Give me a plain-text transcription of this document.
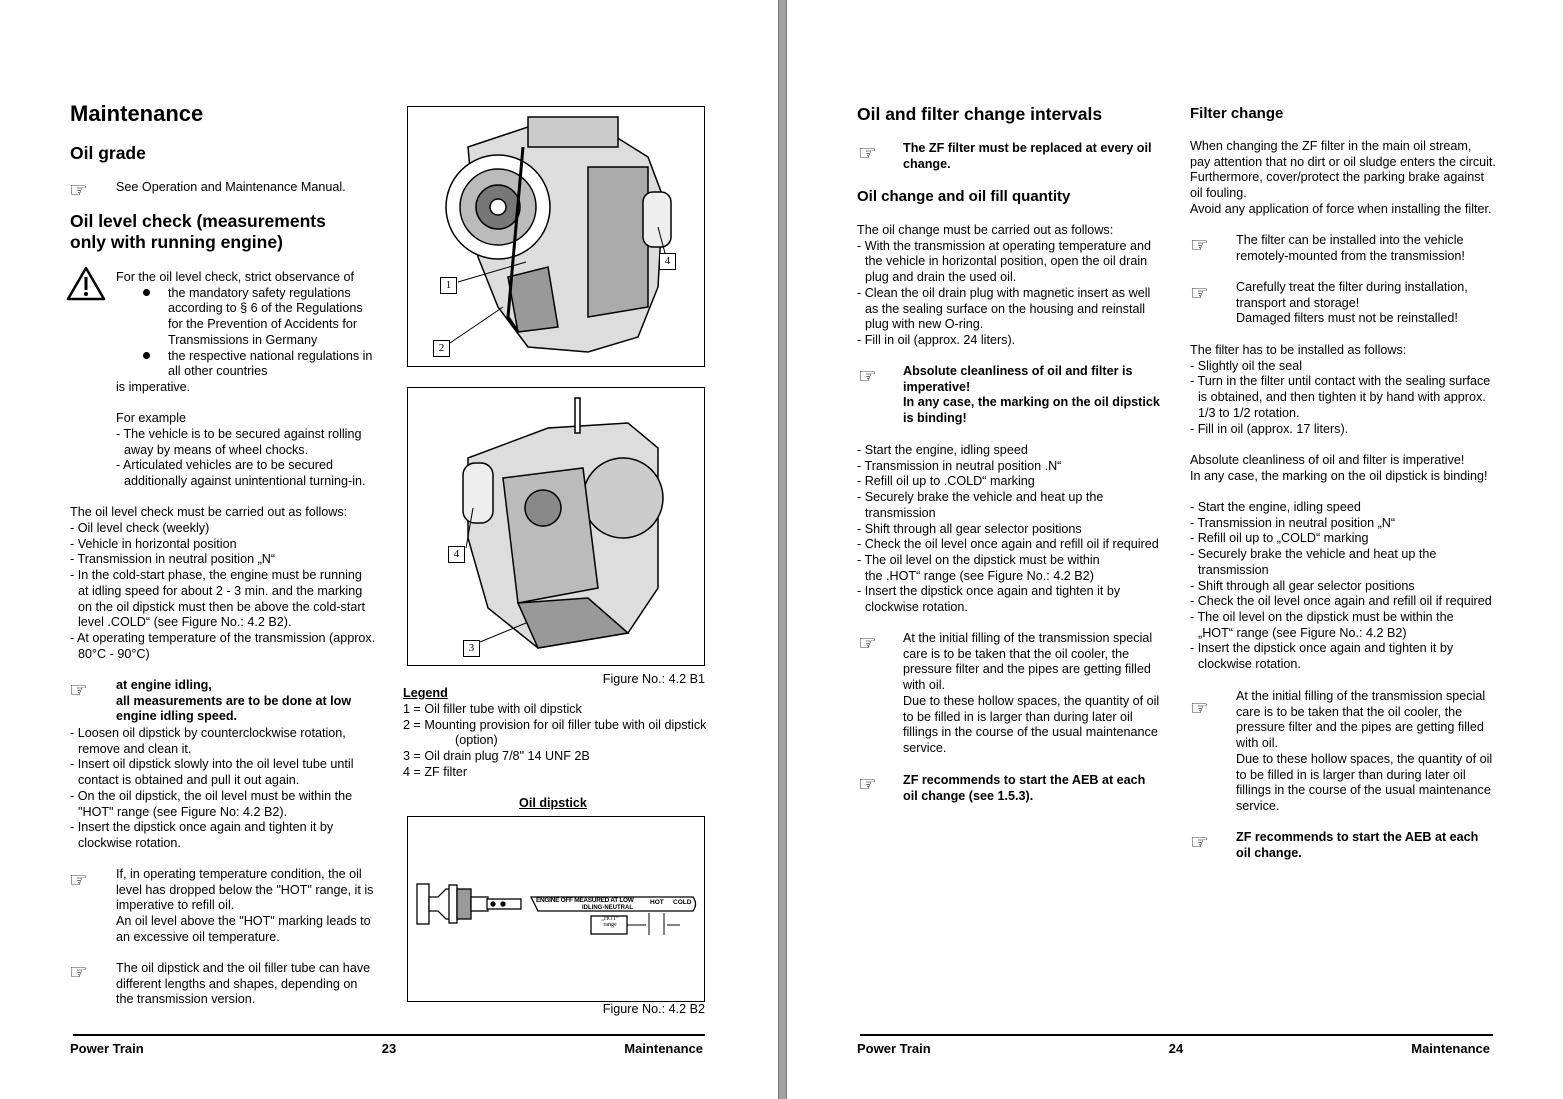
Maintenance
Oil grade
☞ See Operation and Maintenance Manual.
Oil level check (measurements
only with running engine)
For the oil level check, strict observance of
the mandatory safety regulations
according to § 6 of the Regulations
for the Prevention of Accidents for
Transmissions in Germany
the respective national regulations in
all other countries
is imperative.
For example
- The vehicle is to be secured against rolling
away by means of wheel chocks.
- Articulated vehicles are to be secured
additionally against unintentional turning-in.
The oil level check must be carried out as follows:
- Oil level check (weekly)
- Vehicle in horizontal position
- Transmission in neutral position „N“
- In the cold-start phase, the engine must be running
at idling speed for about 2 - 3 min. and the marking
on the oil dipstick must then be above the cold-start
level .COLD“ (see Figure No.: 4.2 B2).
- At operating temperature of the transmission (approx.
80°C - 90°C)
☞ at engine idling,
all measurements are to be done at low
engine idling speed.
- Loosen oil dipstick by counterclockwise rotation,
remove and clean it.
- Insert oil dipstick slowly into the oil level tube until
contact is obtained and pull it out again.
- On the oil dipstick, the oil level must be within the
"HOT" range (see Figure No: 4.2 B2).
- Insert the dipstick once again and tighten it by
clockwise rotation.
☞ If, in operating temperature condition, the oil
level has dropped below the "HOT" range, it is
imperative to refill oil.
An oil level above the "HOT" marking leads to
an excessive oil temperature.
☞ The oil dipstick and the oil filler tube can have
different lengths and shapes, depending on
the transmission version.
1
2
4
4
3
Figure No.: 4.2 B1
Legend
1 = Oil filler tube with oil dipstick
2 = Mounting provision for oil filler tube with oil dipstick
(option)
3 = Oil drain plug 7/8" 14 UNF 2B
4 = ZF filter
Oil dipstick
ENGINE OFF MEASURED AT LOW
IDLING-NEUTRAL
HOT COLD
„HOT“
range
Figure No.: 4.2 B2
Power Train	23	Maintenance
Oil and filter change intervals
☞ The ZF filter must be replaced at every oil
change.
Oil change and oil fill quantity
The oil change must be carried out as follows:
- With the transmission at operating temperature and
the vehicle in horizontal position, open the oil drain
plug and drain the used oil.
- Clean the oil drain plug with magnetic insert as well
as the sealing surface on the housing and reinstall
plug with new O-ring.
- Fill in oil (approx. 24 liters).
☞ Absolute cleanliness of oil and filter is
imperative!
In any case, the marking on the oil dipstick
is binding!
- Start the engine, idling speed
- Transmission in neutral position .N“
- Refill oil up to .COLD“ marking
- Securely brake the vehicle and heat up the
transmission
- Shift through all gear selector positions
- Check the oil level once again and refill oil if required
- The oil level on the dipstick must be within
the .HOT“ range (see Figure No.: 4.2 B2)
- Insert the dipstick once again and tighten it by
clockwise rotation.
☞ At the initial filling of the transmission special
care is to be taken that the oil cooler, the
pressure filter and the pipes are getting filled
with oil.
Due to these hollow spaces, the quantity of oil
to be filled in is larger than during later oil
fillings in the course of the usual maintenance
service.
☞ ZF recommends to start the AEB at each
oil change (see 1.5.3).
Filter change
When changing the ZF filter in the main oil stream,
pay attention that no dirt or oil sludge enters the circuit.
Furthermore, cover/protect the parking brake against
oil fouling.
Avoid any application of force when installing the filter.
☞ The filter can be installed into the vehicle
remotely-mounted from the transmission!
☞ Carefully treat the filter during installation,
transport and storage!
Damaged filters must not be reinstalled!
The filter has to be installed as follows:
- Slightly oil the seal
- Turn in the filter until contact with the sealing surface
is obtained, and then tighten it by hand with approx.
1/3 to 1/2 rotation.
- Fill in oil (approx. 17 liters).
Absolute cleanliness of oil and filter is imperative!
In any case, the marking on the oil dipstick is binding!
- Start the engine, idling speed
- Transmission in neutral position „N“
- Refill oil up to „COLD“ marking
- Securely brake the vehicle and heat up the
transmission
- Shift through all gear selector positions
- Check the oil level once again and refill oil if required
- The oil level on the dipstick must be within the
„HOT“ range (see Figure No.: 4.2 B2)
- Insert the dipstick once again and tighten it by
clockwise rotation.
☞ At the initial filling of the transmission special
care is to be taken that the oil cooler, the
pressure filter and the pipes are getting filled
with oil.
Due to these hollow spaces, the quantity of oil
to be filled in is larger than during later oil
fillings in the course of the usual maintenance
service.
☞ ZF recommends to start the AEB at each
oil change.
Power Train	24	Maintenance
